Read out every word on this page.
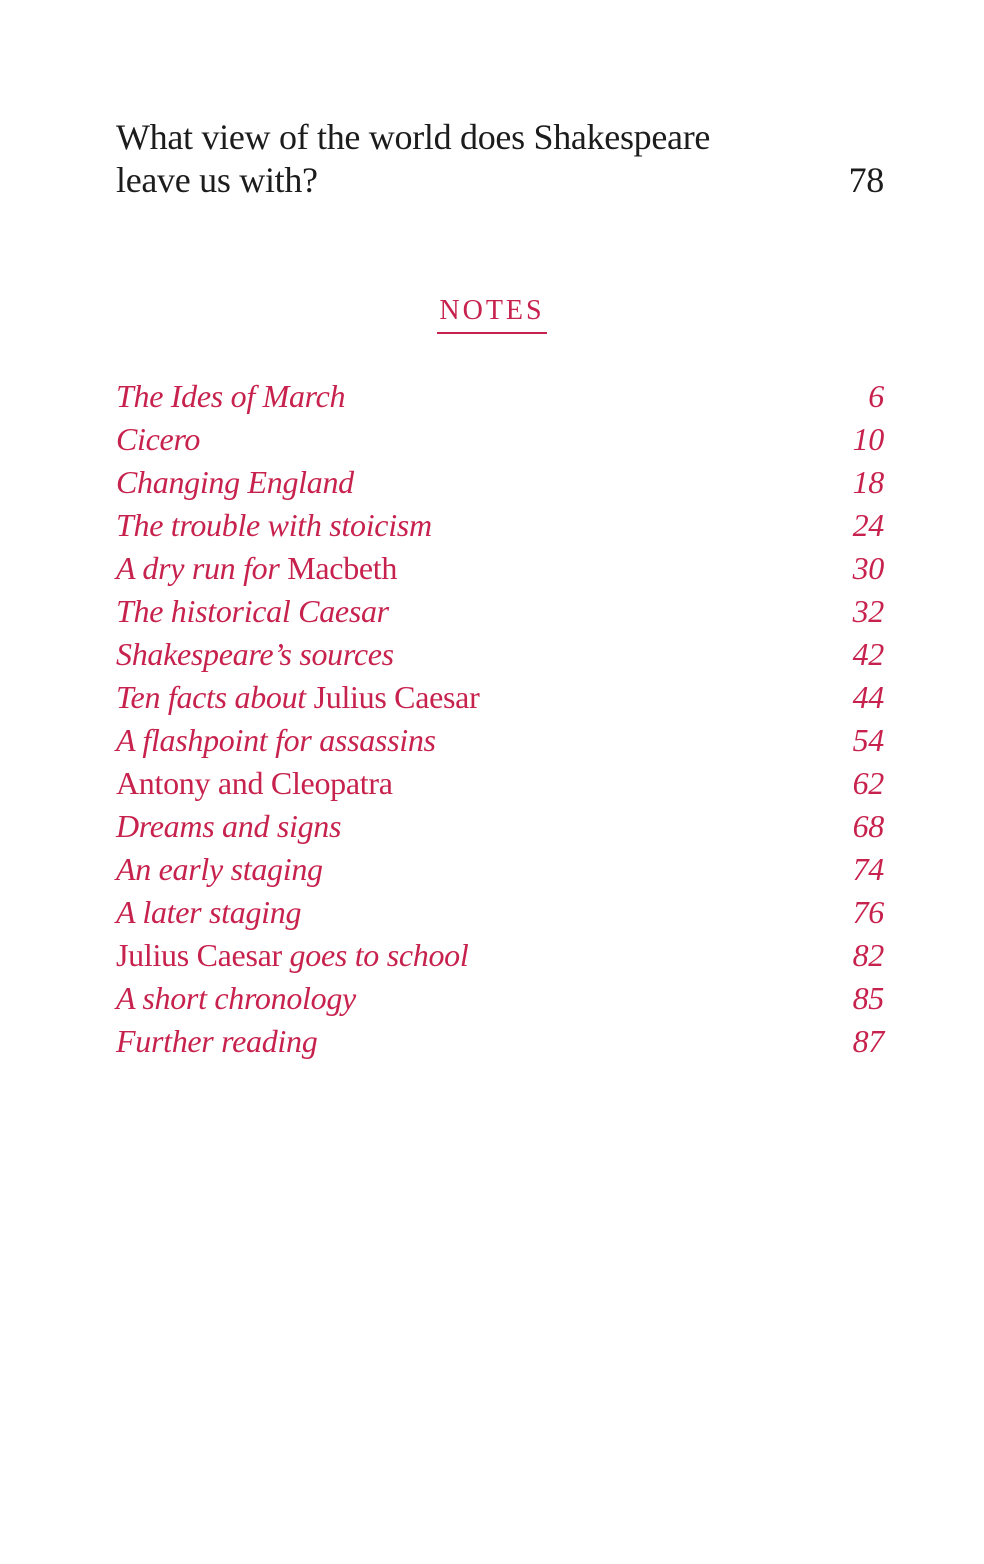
What view of the world does Shakespeare leave us with?	78
NOTES
The Ides of March	6
Cicero	10
Changing England	18
The trouble with stoicism	24
A dry run for Macbeth	30
The historical Caesar	32
Shakespeare’s sources	42
Ten facts about Julius Caesar	44
A flashpoint for assassins	54
Antony and Cleopatra	62
Dreams and signs	68
An early staging	74
A later staging	76
Julius Caesar goes to school	82
A short chronology	85
Further reading	87
